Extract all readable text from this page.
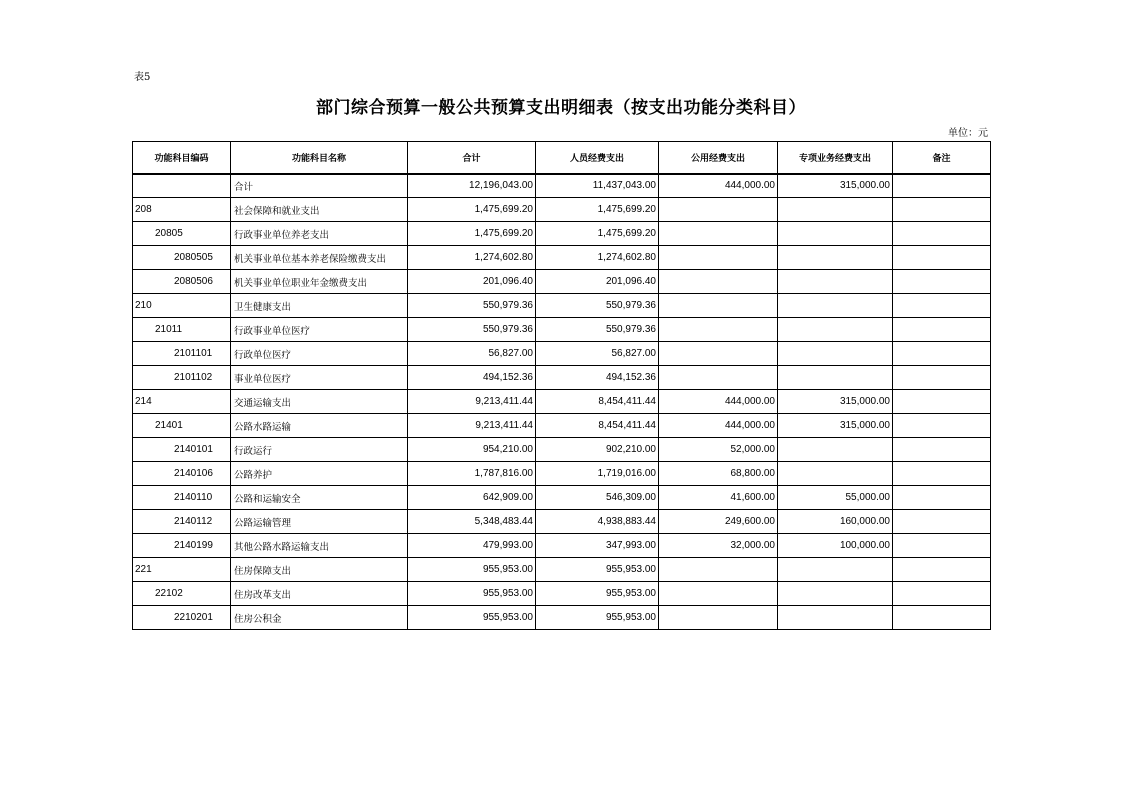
表5
部门综合预算一般公共预算支出明细表（按支出功能分类科目）
单位：元
功能科目编码	功能科目名称	合计	人员经费支出	公用经费支出	专项业务经费支出	备注
	合计	12,196,043.00	11,437,043.00	444,000.00	315,000.00	
208	社会保障和就业支出	1,475,699.20	1,475,699.20			
20805	行政事业单位养老支出	1,475,699.20	1,475,699.20			
2080505	机关事业单位基本养老保险缴费支出	1,274,602.80	1,274,602.80			
2080506	机关事业单位职业年金缴费支出	201,096.40	201,096.40			
210	卫生健康支出	550,979.36	550,979.36			
21011	行政事业单位医疗	550,979.36	550,979.36			
2101101	行政单位医疗	56,827.00	56,827.00			
2101102	事业单位医疗	494,152.36	494,152.36			
214	交通运输支出	9,213,411.44	8,454,411.44	444,000.00	315,000.00	
21401	公路水路运输	9,213,411.44	8,454,411.44	444,000.00	315,000.00	
2140101	行政运行	954,210.00	902,210.00	52,000.00		
2140106	公路养护	1,787,816.00	1,719,016.00	68,800.00		
2140110	公路和运输安全	642,909.00	546,309.00	41,600.00	55,000.00	
2140112	公路运输管理	5,348,483.44	4,938,883.44	249,600.00	160,000.00	
2140199	其他公路水路运输支出	479,993.00	347,993.00	32,000.00	100,000.00	
221	住房保障支出	955,953.00	955,953.00			
22102	住房改革支出	955,953.00	955,953.00			
2210201	住房公积金	955,953.00	955,953.00			
